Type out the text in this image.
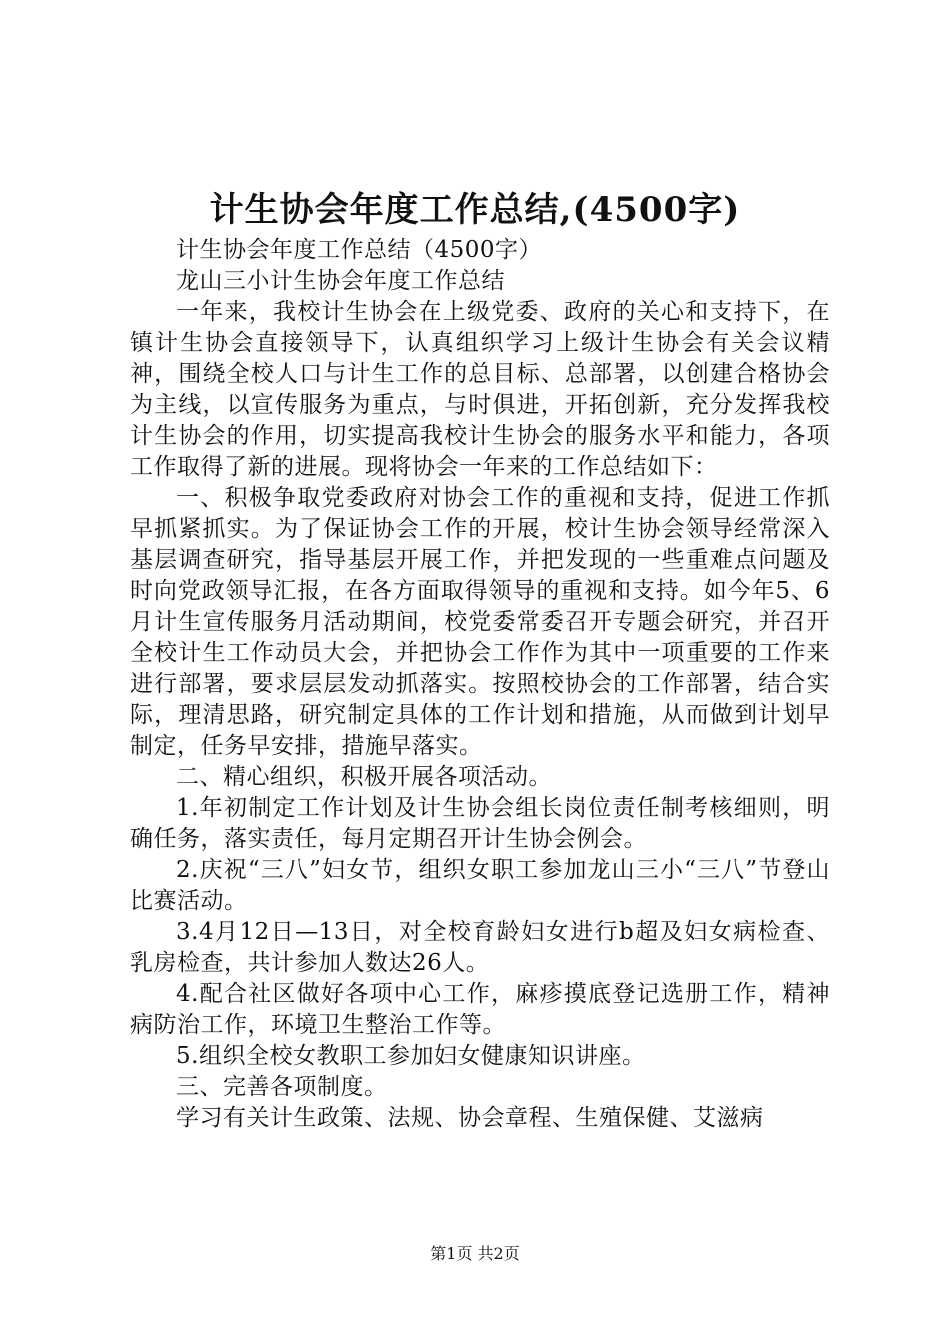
计生协会年度工作总结,(4500字)

计生协会年度工作总结（4500字）

龙山三小计生协会年度工作总结

一年来，我校计生协会在上级党委、政府的关心和支持下，在镇计生协会直接领导下，认真组织学习上级计生协会有关会议精神，围绕全校人口与计生工作的总目标、总部署，以创建合格协会为主线，以宣传服务为重点，与时俱进，开拓创新，充分发挥我校计生协会的作用，切实提高我校计生协会的服务水平和能力，各项工作取得了新的进展。现将协会一年来的工作总结如下：

一、积极争取党委政府对协会工作的重视和支持，促进工作抓早抓紧抓实。为了保证协会工作的开展，校计生协会领导经常深入基层调查研究，指导基层开展工作，并把发现的一些重难点问题及时向党政领导汇报，在各方面取得领导的重视和支持。如今年5、6月计生宣传服务月活动期间，校党委常委召开专题会研究，并召开全校计生工作动员大会，并把协会工作作为其中一项重要的工作来进行部署，要求层层发动抓落实。按照校协会的工作部署，结合实际，理清思路，研究制定具体的工作计划和措施，从而做到计划早制定，任务早安排，措施早落实。

二、精心组织，积极开展各项活动。

1.年初制定工作计划及计生协会组长岗位责任制考核细则，明确任务，落实责任，每月定期召开计生协会例会。

2.庆祝“三八”妇女节，组织女职工参加龙山三小“三八”节登山比赛活动。

3.4月12日—13日，对全校育龄妇女进行b超及妇女病检查、乳房检查，共计参加人数达26人。

4.配合社区做好各项中心工作，麻疹摸底登记选册工作，精神病防治工作，环境卫生整治工作等。

5.组织全校女教职工参加妇女健康知识讲座。

三、完善各项制度。

学习有关计生政策、法规、协会章程、生殖保健、艾滋病

第1页 共2页
